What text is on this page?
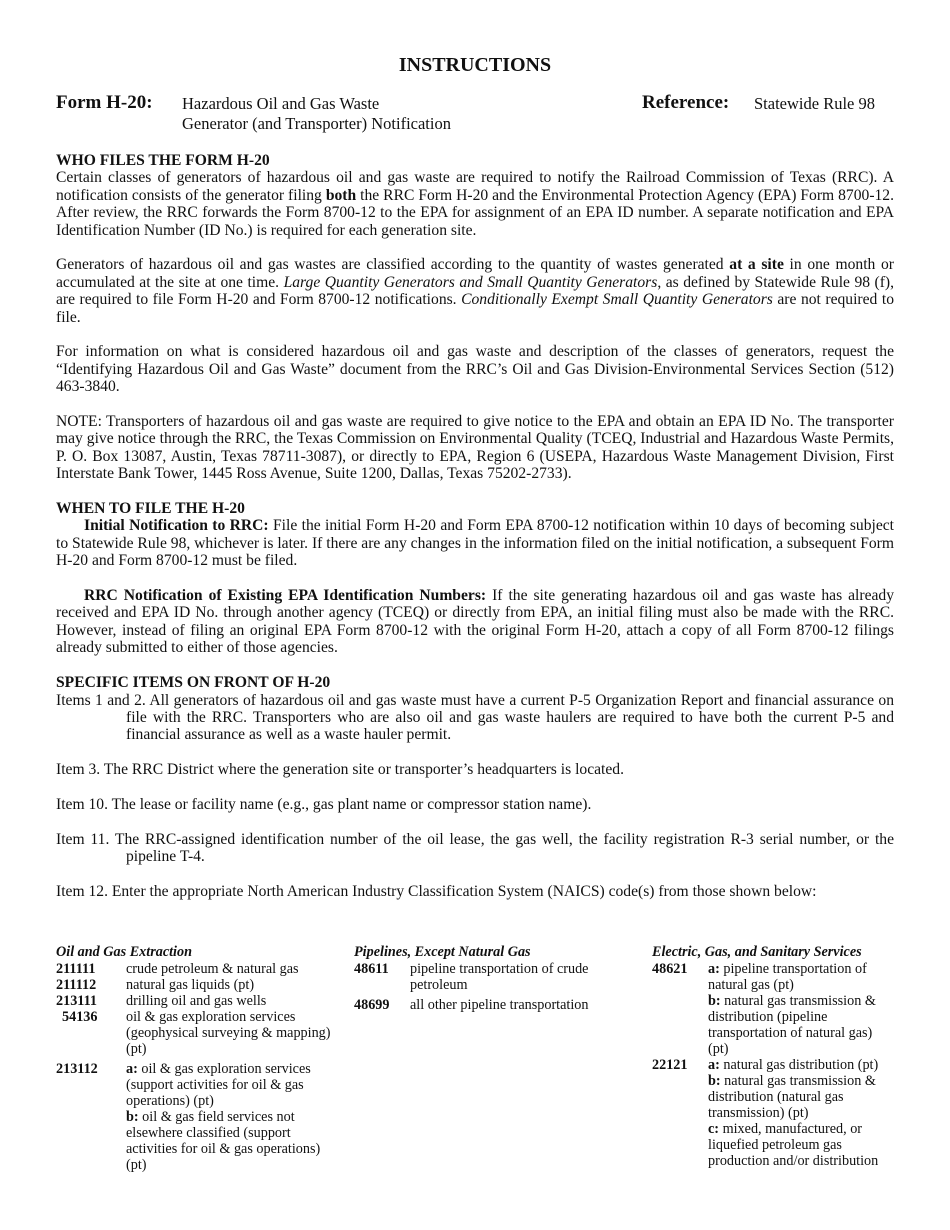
INSTRUCTIONS
Form H-20: Hazardous Oil and Gas Waste
Generator (and Transporter) Notification
Reference: Statewide Rule 98
WHO FILES THE FORM H-20

Certain classes of generators of hazardous oil and gas waste are required to notify the Railroad Commission of Texas (RRC). A notification consists of the generator filing both the RRC Form H-20 and the Environmental Protection Agency (EPA) Form 8700-12. After review, the RRC forwards the Form 8700-12 to the EPA for assignment of an EPA ID number. A separate notification and EPA Identification Number (ID No.) is required for each generation site.

Generators of hazardous oil and gas wastes are classified according to the quantity of wastes generated at a site in one month or accumulated at the site at one time. Large Quantity Generators and Small Quantity Generators, as defined by Statewide Rule 98 (f), are required to file Form H-20 and Form 8700-12 notifications. Conditionally Exempt Small Quantity Generators are not required to file.

For information on what is considered hazardous oil and gas waste and description of the classes of generators, request the “Identifying Hazardous Oil and Gas Waste” document from the RRC’s Oil and Gas Division-Environmental Services Section (512) 463-3840.

NOTE: Transporters of hazardous oil and gas waste are required to give notice to the EPA and obtain an EPA ID No. The transporter may give notice through the RRC, the Texas Commission on Environmental Quality (TCEQ, Industrial and Hazardous Waste Permits, P. O. Box 13087, Austin, Texas 78711-3087), or directly to EPA, Region 6 (USEPA, Hazardous Waste Management Division, First Interstate Bank Tower, 1445 Ross Avenue, Suite 1200, Dallas, Texas 75202-2733).

WHEN TO FILE THE H-20

Initial Notification to RRC: File the initial Form H-20 and Form EPA 8700-12 notification within 10 days of becoming subject to Statewide Rule 98, whichever is later. If there are any changes in the information filed on the initial notification, a subsequent Form H-20 and Form 8700-12 must be filed.

RRC Notification of Existing EPA Identification Numbers: If the site generating hazardous oil and gas waste has already received and EPA ID No. through another agency (TCEQ) or directly from EPA, an initial filing must also be made with the RRC. However, instead of filing an original EPA Form 8700-12 with the original Form H-20, attach a copy of all Form 8700-12 filings already submitted to either of those agencies.

SPECIFIC ITEMS ON FRONT OF H-20

Items 1 and 2. All generators of hazardous oil and gas waste must have a current P-5 Organization Report and financial assurance on file with the RRC. Transporters who are also oil and gas waste haulers are required to have both the current P-5 and financial assurance as well as a waste hauler permit.

Item 3. The RRC District where the generation site or transporter’s headquarters is located.

Item 10. The lease or facility name (e.g., gas plant name or compressor station name).

Item 11. The RRC-assigned identification number of the oil lease, the gas well, the facility registration R-3 serial number, or the pipeline T-4.

Item 12. Enter the appropriate North American Industry Classification System (NAICS) code(s) from those shown below:

Oil and Gas Extraction
211111	crude petroleum & natural gas
211112	natural gas liquids (pt)
213111	drilling oil and gas wells
54136	oil & gas exploration services (geophysical surveying & mapping) (pt)
213112	a: oil & gas exploration services (support activities for oil & gas operations) (pt)
b: oil & gas field services not elsewhere classified (support activities for oil & gas operations) (pt)
Pipelines, Except Natural Gas
48611	pipeline transportation of crude petroleum
48699	all other pipeline transportation
Electric, Gas, and Sanitary Services
48621	a: pipeline transportation of natural gas (pt)
b: natural gas transmission & distribution (pipeline transportation of natural gas) (pt)
22121	a: natural gas distribution (pt)
b: natural gas transmission & distribution (natural gas transmission) (pt)
c: mixed, manufactured, or liquefied petroleum gas production and/or distribution
